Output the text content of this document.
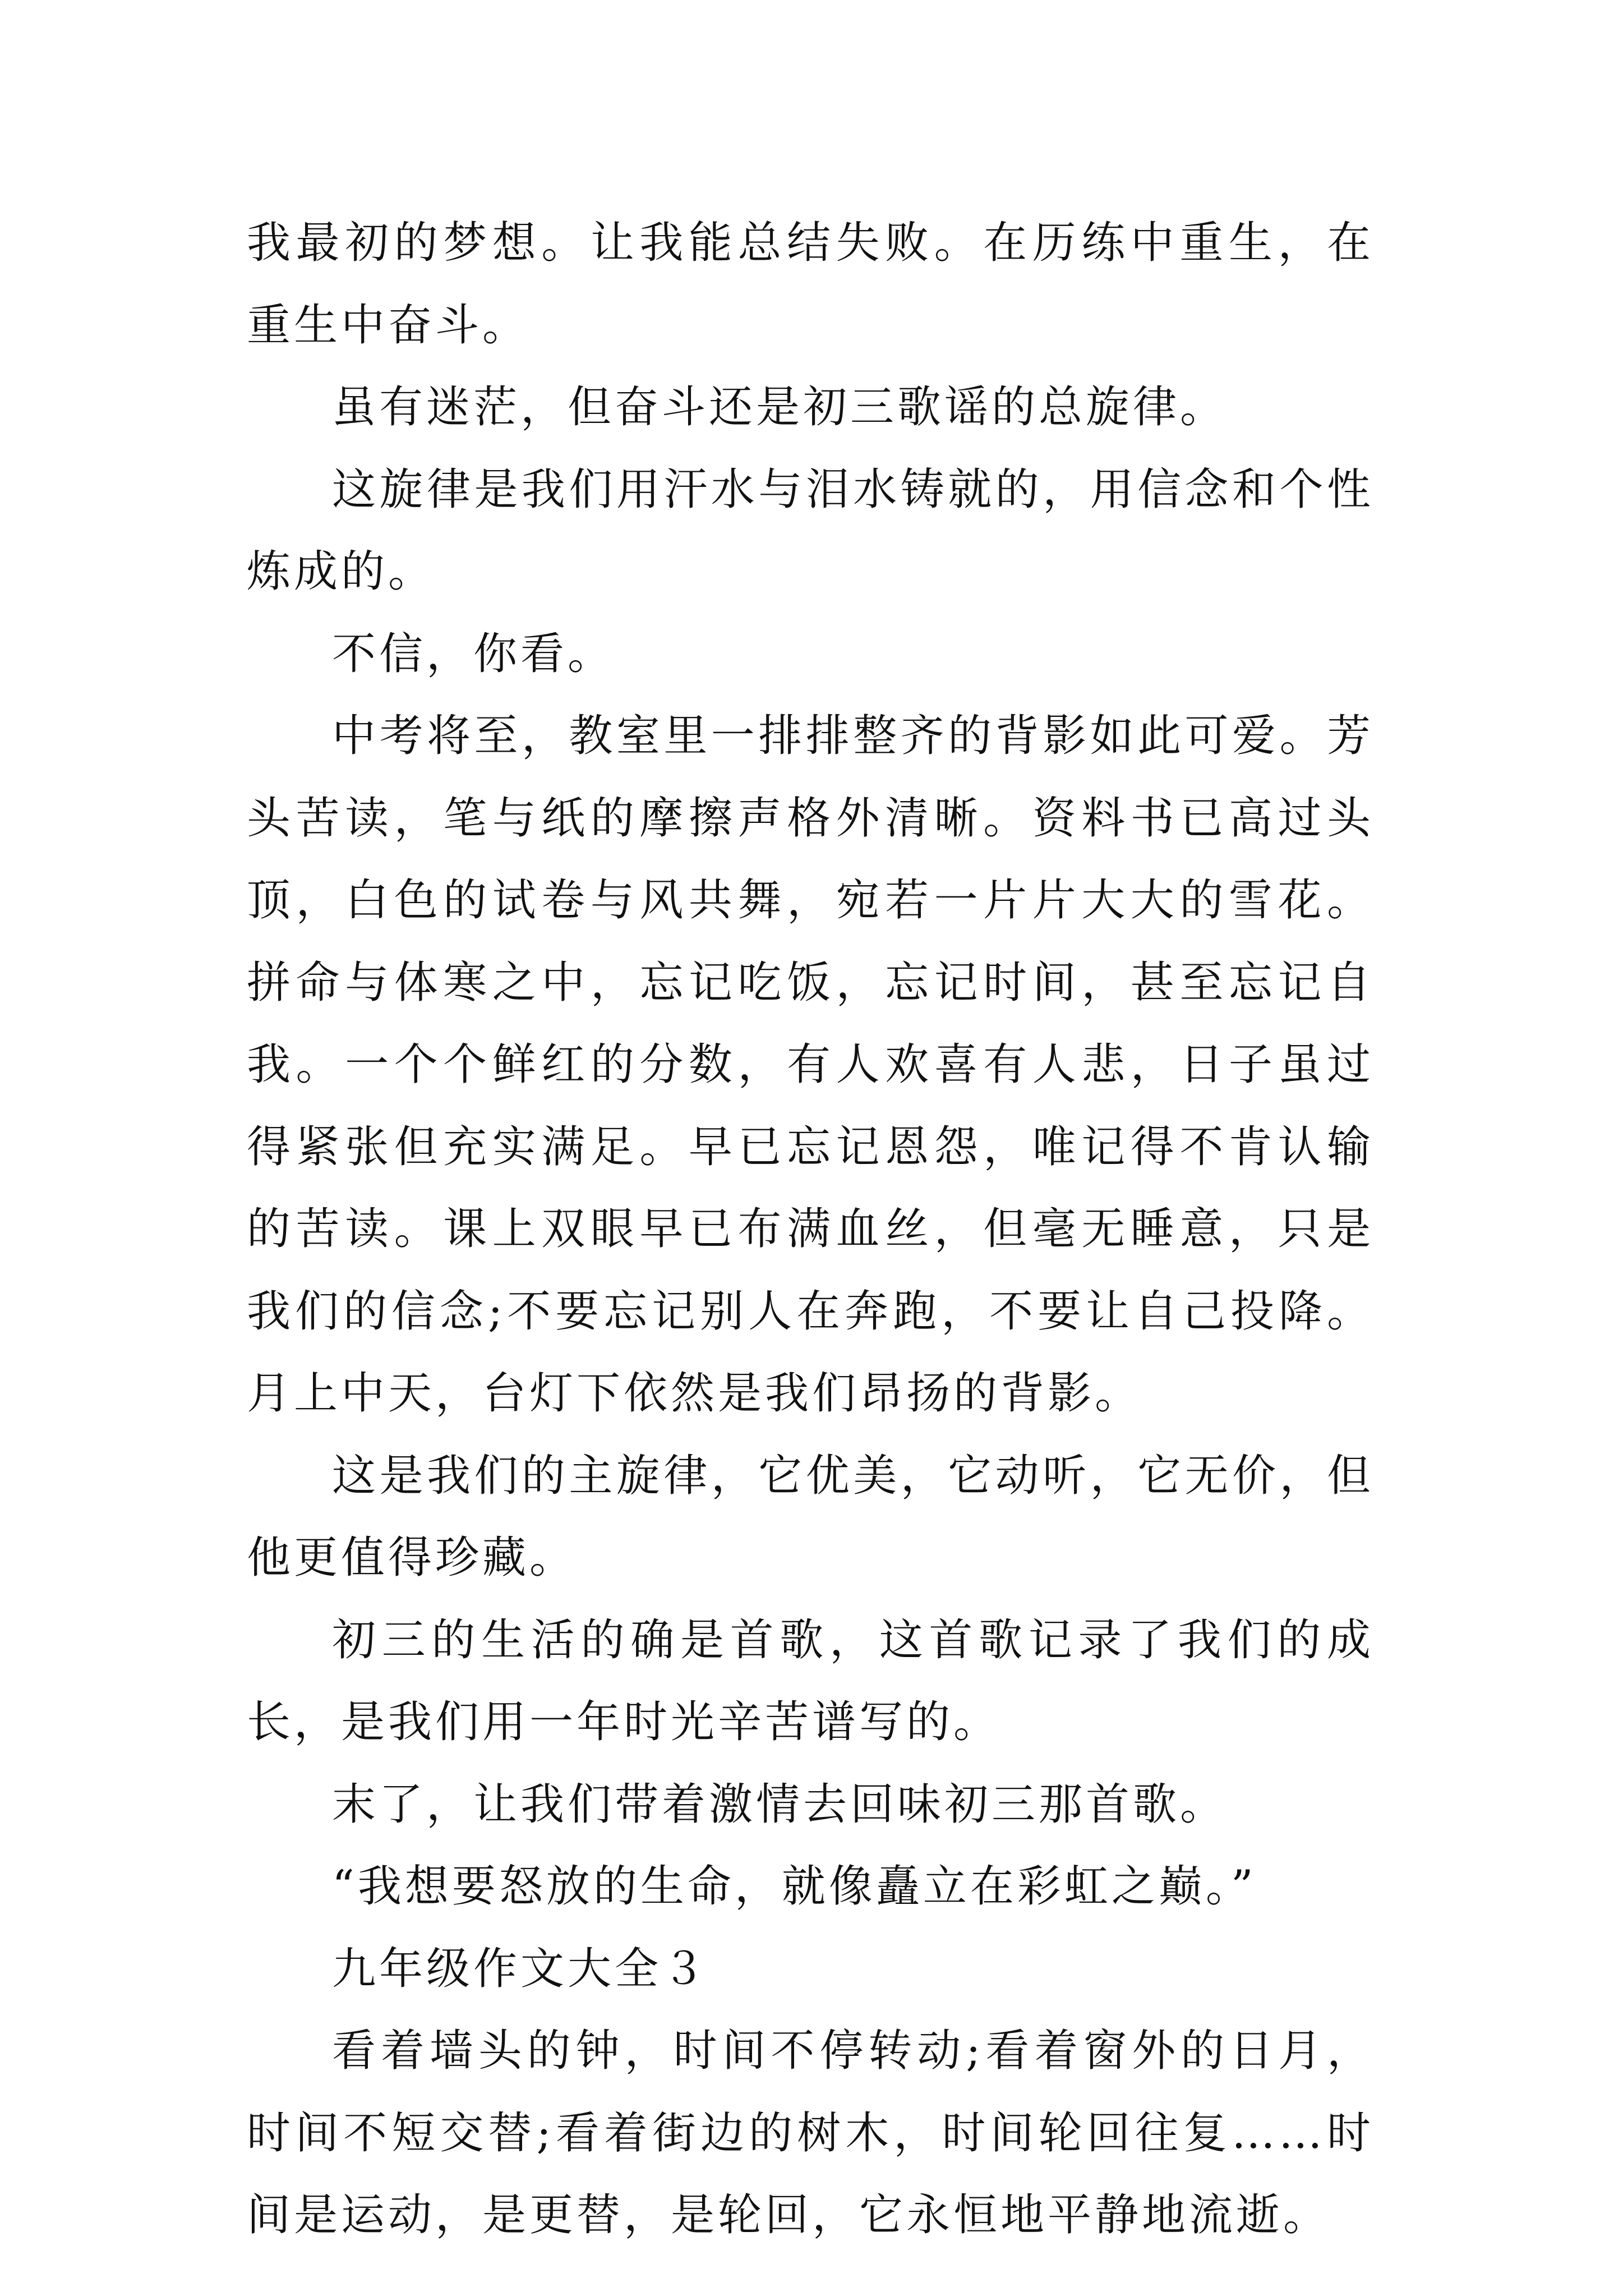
我最初的梦想。让我能总结失败。在历练中重生，在重生中奋斗。

虽有迷茫，但奋斗还是初三歌谣的总旋律。

这旋律是我们用汗水与泪水铸就的，用信念和个性炼成的。

不信，你看。

中考将至，教室里一排排整齐的背影如此可爱。芳头苦读，笔与纸的摩擦声格外清晰。资料书已高过头顶，白色的试卷与风共舞，宛若一片片大大的雪花。拼命与体寒之中，忘记吃饭，忘记时间，甚至忘记自我。一个个鲜红的分数，有人欢喜有人悲，日子虽过得紧张但充实满足。早已忘记恩怨，唯记得不肯认输的苦读。课上双眼早已布满血丝，但毫无睡意，只是我们的信念;不要忘记别人在奔跑，不要让自己投降。月上中天，台灯下依然是我们昂扬的背影。

这是我们的主旋律，它优美，它动听，它无价，但他更值得珍藏。

初三的生活的确是首歌，这首歌记录了我们的成长，是我们用一年时光辛苦谱写的。

末了，让我们带着激情去回味初三那首歌。

“我想要怒放的生命，就像矗立在彩虹之巅。”

九年级作文大全３

看着墙头的钟，时间不停转动;看着窗外的日月，时间不短交替;看着街边的树木，时间轮回往复……时间是运动，是更替，是轮回，它永恒地平静地流逝。
